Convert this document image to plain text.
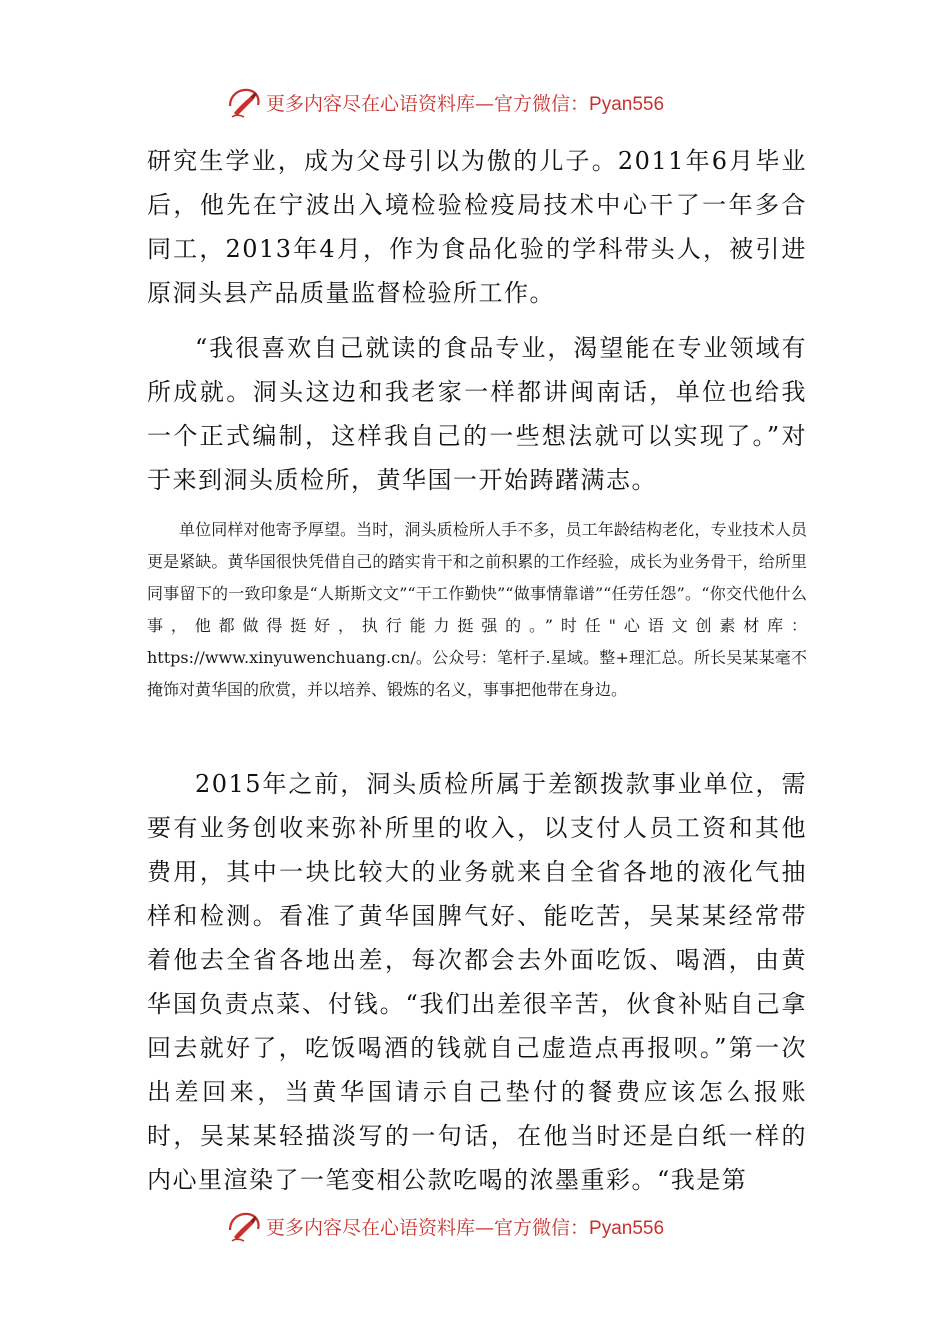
更多内容尽在心语资料库—官方微信：Pyan556

研究生学业，成为父母引以为傲的儿子。2011年6月毕业后，他先在宁波出入境检验检疫局技术中心干了一年多合同工，2013年4月，作为食品化验的学科带头人，被引进原洞头县产品质量监督检验所工作。

“我很喜欢自己就读的食品专业，渴望能在专业领域有所成就。洞头这边和我老家一样都讲闽南话，单位也给我一个正式编制，这样我自己的一些想法就可以实现了。”对于来到洞头质检所，黄华国一开始踌躇满志。

单位同样对他寄予厚望。当时，洞头质检所人手不多，员工年龄结构老化，专业技术人员更是紧缺。黄华国很快凭借自己的踏实肯干和之前积累的工作经验，成长为业务骨干，给所里同事留下的一致印象是“人斯斯文文”“干工作勤快”“做事情靠谱”“任劳任怨”。“你交代他什么事，他都做得挺好，执行能力挺强的。”时任"心语文创素材库：https://www.xinyuwenchuang.cn/。公众号：笔杆子.星域。整+理汇总。所长吴某某毫不掩饰对黄华国的欣赏，并以培养、锻炼的名义，事事把他带在身边。

2015年之前，洞头质检所属于差额拨款事业单位，需要有业务创收来弥补所里的收入，以支付人员工资和其他费用，其中一块比较大的业务就来自全省各地的液化气抽样和检测。看准了黄华国脾气好、能吃苦，吴某某经常带着他去全省各地出差，每次都会去外面吃饭、喝酒，由黄华国负责点菜、付钱。“我们出差很辛苦，伙食补贴自己拿回去就好了，吃饭喝酒的钱就自己虚造点再报呗。”第一次出差回来，当黄华国请示自己垫付的餐费应该怎么报账时，吴某某轻描淡写的一句话，在他当时还是白纸一样的内心里渲染了一笔变相公款吃喝的浓墨重彩。“我是第

更多内容尽在心语资料库—官方微信：Pyan556
